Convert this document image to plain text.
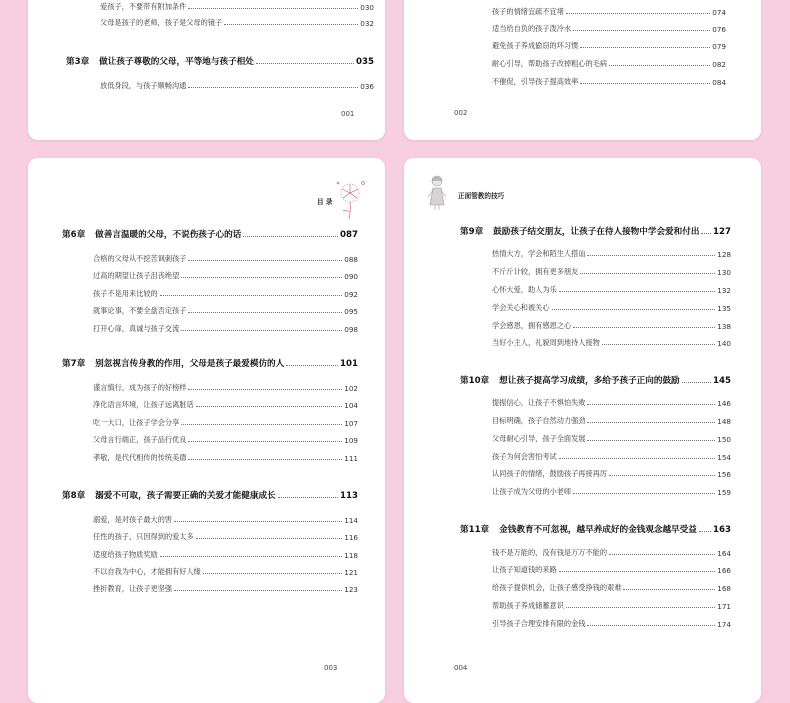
爱孩子，不要带有附加条件	030
父母是孩子的老师，孩子是父母的镜子	032
第3章 做让孩子尊敬的父母，平等地与孩子相处	035
放低身段，与孩子顺畅沟通	036
001
孩子的情绪宜疏不宜堵	074
适当给自负的孩子泼冷水	076
避免孩子养成偷窃的坏习惯	079
耐心引导，帮助孩子改掉粗心的毛病	082
不催促，引导孩子提高效率	084
002
目 录
第6章 做善言温暖的父母，不说伤孩子心的话	087
合格的父母从不挖苦讽刺孩子	088
过高的期望让孩子沮丧绝望	090
孩子不是用来比较的	092
就事论事，不要全盘否定孩子	095
打开心扉，真诚与孩子交流	098
第7章 别忽视言传身教的作用，父母是孩子最爱模仿的人	101
谨言慎行，成为孩子的好榜样	102
净化语言环境，让孩子远离脏话	104
吃一大口，让孩子学会分享	107
父母言行端正，孩子品行优良	109
孝敬，是代代相传的传统美德	111
第8章 溺爱不可取，孩子需要正确的关爱才能健康成长	113
溺爱，是对孩子最大的害	114
任性的孩子，只因得到的爱太多	116
适度给孩子物质奖励	118
不以自我为中心，才能拥有好人缘	121
挫折教育，让孩子更坚强	123
003
正面管教的技巧
第9章 鼓励孩子结交朋友，让孩子在待人接物中学会爱和付出 127
热情大方，学会和陌生人搭讪	128
不斤斤计较，拥有更多朋友	130
心怀大爱，助人为乐	132
学会关心和被关心	135
学会感恩，拥有感恩之心	138
当好小主人，礼貌周到地待人接物	140
第10章 想让孩子提高学习成绩，多给予孩子正向的鼓励	145
提振信心，让孩子不惧怕失败	146
目标明确，孩子自然动力强劲	148
父母耐心引导，孩子全面发展	150
孩子为何会害怕考试	154
认同孩子的情绪，鼓励孩子再接再厉	156
让孩子成为父母的小老师	159
第11章 金钱教育不可忽视，越早养成好的金钱观念越早受益 163
钱不是万能的，没有钱是万万不能的	164
让孩子知道钱的来路	166
给孩子提供机会，让孩子感受挣钱的艰难	168
帮助孩子养成储蓄意识	171
引导孩子合理安排有限的金钱	174
004
